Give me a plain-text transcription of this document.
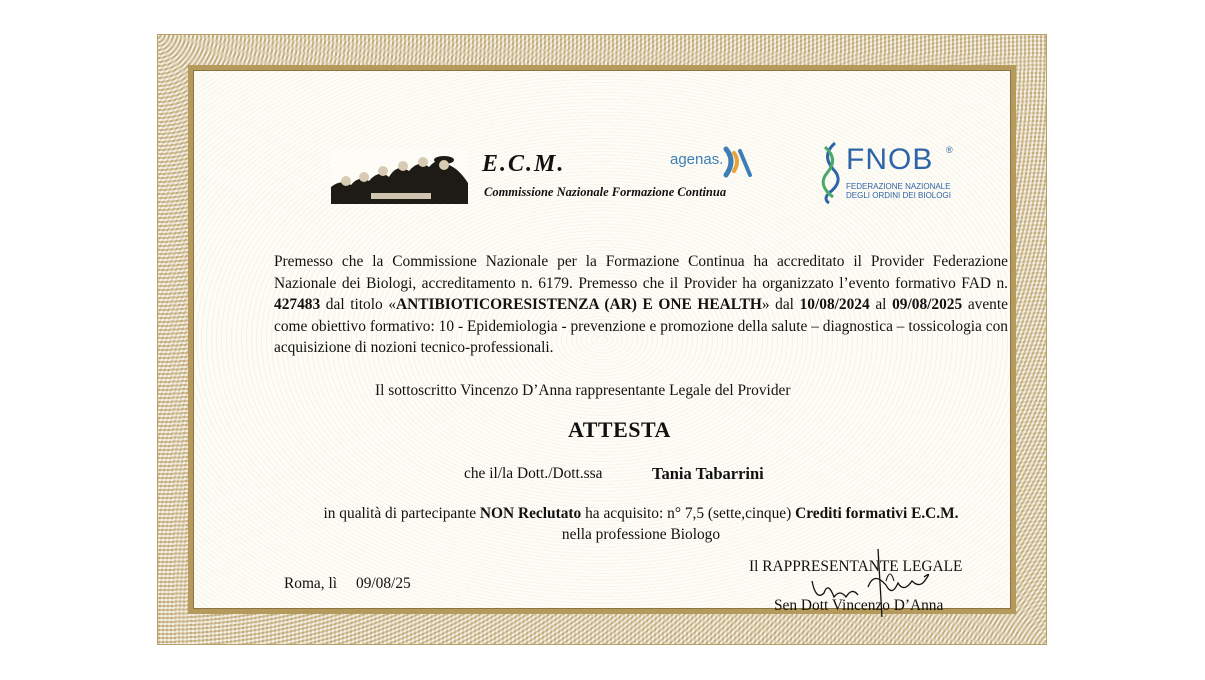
E.C.M.
Commissione Nazionale Formazione Continua
agenas.	FNOB ®
FEDERAZIONE NAZIONALE
DEGLI ORDINI DEI BIOLOGI
Premesso che la Commissione Nazionale per la Formazione Continua ha accreditato il Provider Federazione Nazionale dei Biologi, accreditamento n. 6179. Premesso che il Provider ha organizzato l’evento formativo FAD n. 427483 dal titolo «ANTIBIOTICORESISTENZA (AR) E ONE HEALTH» dal 10/08/2024 al 09/08/2025 avente come obiettivo formativo: 10 - Epidemiologia - prevenzione e promozione della salute – diagnostica – tossicologia con acquisizione di nozioni tecnico-professionali.
Il sottoscritto Vincenzo D’Anna rappresentante Legale del Provider
ATTESTA
che il/la Dott./Dott.ssa	Tania Tabarrini
in qualità di partecipante NON Reclutato ha acquisito: n° 7,5 (sette,cinque) Crediti formativi E.C.M.
nella professione Biologo
Roma, lì 09/08/25
Il RAPPRESENTANTE LEGALE
Sen Dott Vincenzo D’Anna
